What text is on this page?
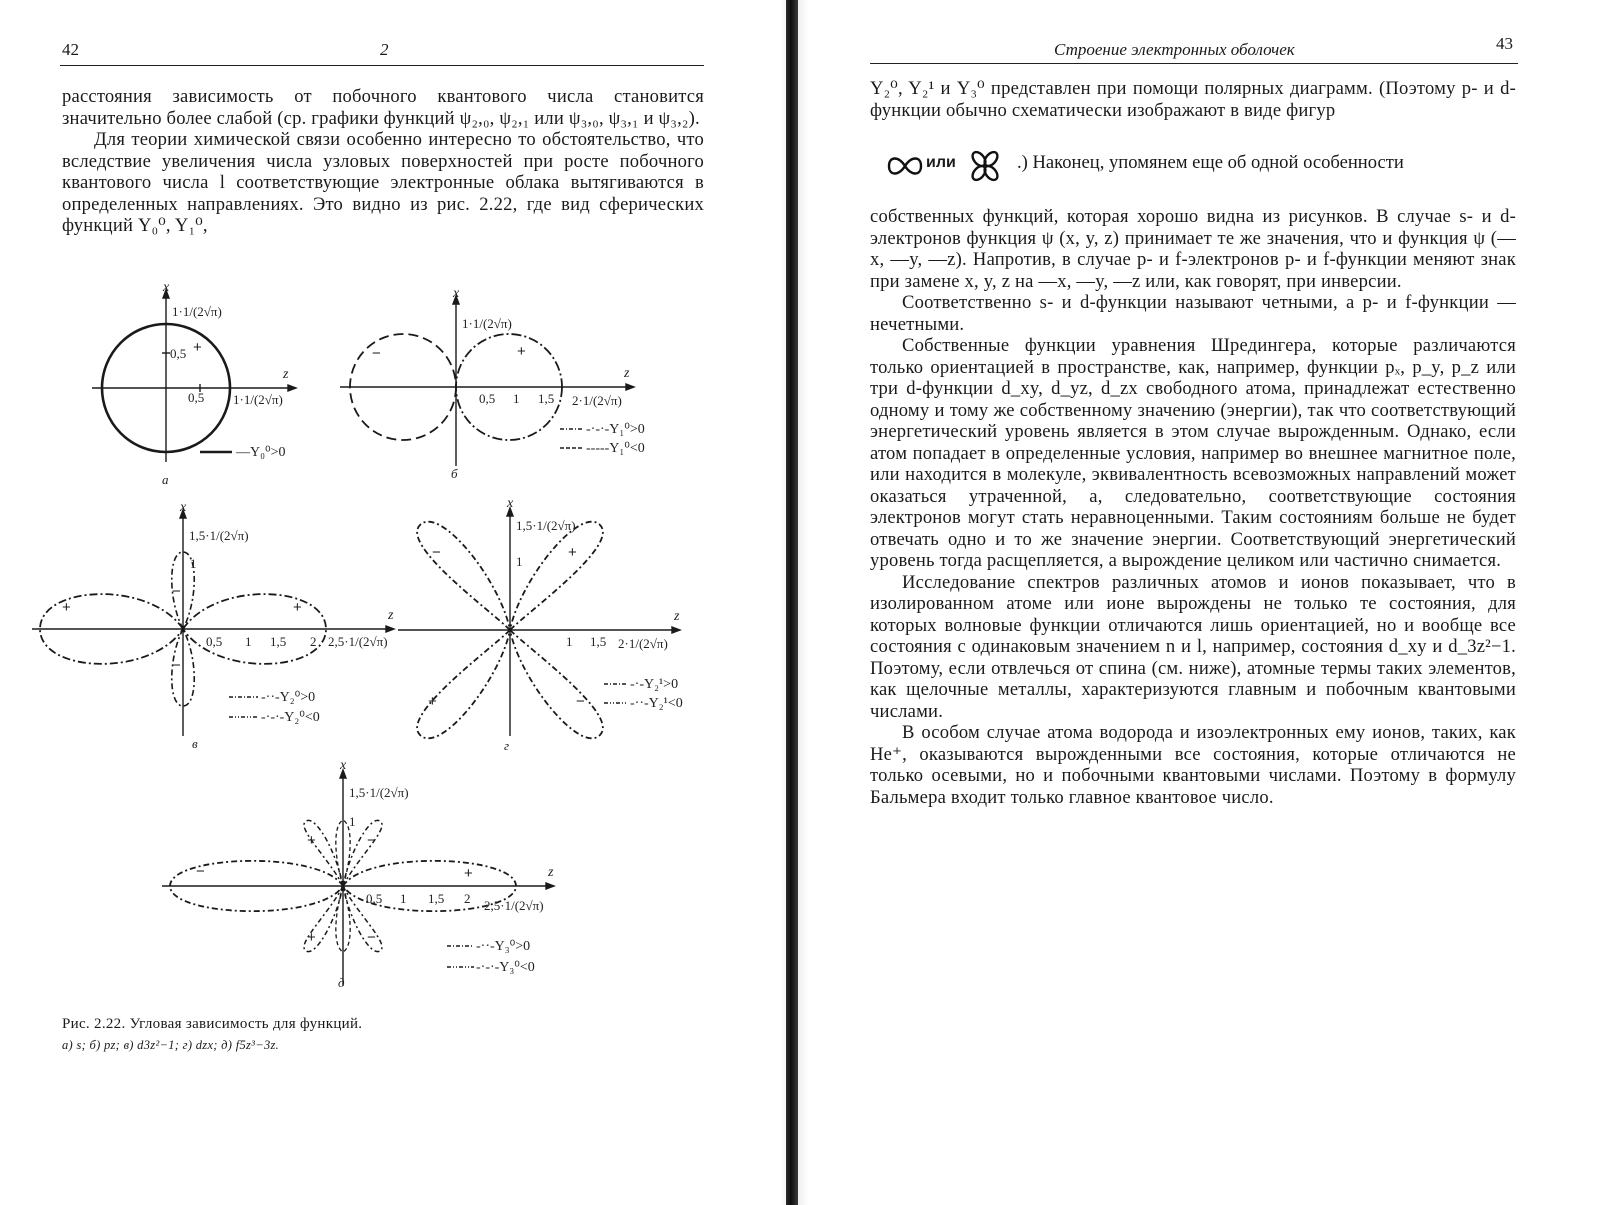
42	2

расстояния зависимость от побочного квантового числа становится значительно более слабой (ср. графики функций ψ₂,₀, ψ₂,₁ или ψ₃,₀, ψ₃,₁ и ψ₃,₂).

Для теории химической связи особенно интересно то обстоятельство, что вследствие увеличения числа узловых поверхностей при росте побочного квантового числа l соответствующие электронные облака вытягиваются в определенных направлениях. Это видно из рис. 2.22, где вид сферических функций Y₀⁰, Y₁⁰,

x
z
1·1/(2√π)
0,5 +
0,5 1·1/(2√π)
—Y₀⁰>0
а
x
z
1·1/(2√π)
−	+
0,5 1 1,5 2·1/(2√π)
-·-·-Y₁⁰>0
-----Y₁⁰<0
б
x
z
1,5·1/(2√π)
1
+	+
−
−
0,5 1 1,5 2 2,5·1/(2√π)
-··-Y₂⁰>0
-·-·-Y₂⁰<0
в
x
z
1,5·1/(2√π)
1
−	+
+	−
1 1,5 2·1/(2√π)
-·-Y₂¹>0
-··-Y₂¹<0
г
x
z
1,5·1/(2√π)
1
−
+
+
−
+	−
0,5 1 1,5 2 2,5·1/(2√π)
-··-Y₃⁰>0
-·-·-Y₃⁰<0
д
Рис. 2.22. Угловая зависимость для функций.
а) s; б) pz; в) d3z²−1; г) dzx; д) f5z³−3z.
Строение электронных оболочек	43

Y₂⁰, Y₂¹ и Y₃⁰ представлен при помощи полярных диаграмм. (Поэтому p- и d-функции обычно схематически изображают в виде фигур

или	.) Наконец, упомянем еще об одной особенности

собственных функций, которая хорошо видна из рисунков. В случае s- и d-электронов функция ψ (x, y, z) принимает те же значения, что и функция ψ (—x, —y, —z). Напротив, в случае p- и f-электронов p- и f-функции меняют знак при замене x, y, z на —x, —y, —z или, как говорят, при инверсии.

Соответственно s- и d-функции называют четными, а p- и f-функции — нечетными.

Собственные функции уравнения Шредингера, которые различаются только ориентацией в пространстве, как, например, функции pₓ, p_y, p_z или три d-функции d_xy, d_yz, d_zx свободного атома, принадлежат естественно одному и тому же собственному значению (энергии), так что соответствующий энергетический уровень является в этом случае вырожденным. Однако, если атом попадает в определенные условия, например во внешнее магнитное поле, или находится в молекуле, эквивалентность всевозможных направлений может оказаться утраченной, а, следовательно, соответствующие состояния электронов могут стать неравноценными. Таким состояниям больше не будет отвечать одно и то же значение энергии. Соответствующий энергетический уровень тогда расщепляется, а вырождение целиком или частично снимается.

Исследование спектров различных атомов и ионов показывает, что в изолированном атоме или ионе вырождены не только те состояния, для которых волновые функции отличаются лишь ориентацией, но и вообще все состояния с одинаковым значением n и l, например, состояния d_xy и d_3z²−1. Поэтому, если отвлечься от спина (см. ниже), атомные термы таких элементов, как щелочные металлы, характеризуются главным и побочным квантовыми числами.

В особом случае атома водорода и изоэлектронных ему ионов, таких, как He⁺, оказываются вырожденными все состояния, которые отличаются не только осевыми, но и побочными квантовыми числами. Поэтому в формулу Бальмера входит только главное квантовое число.
